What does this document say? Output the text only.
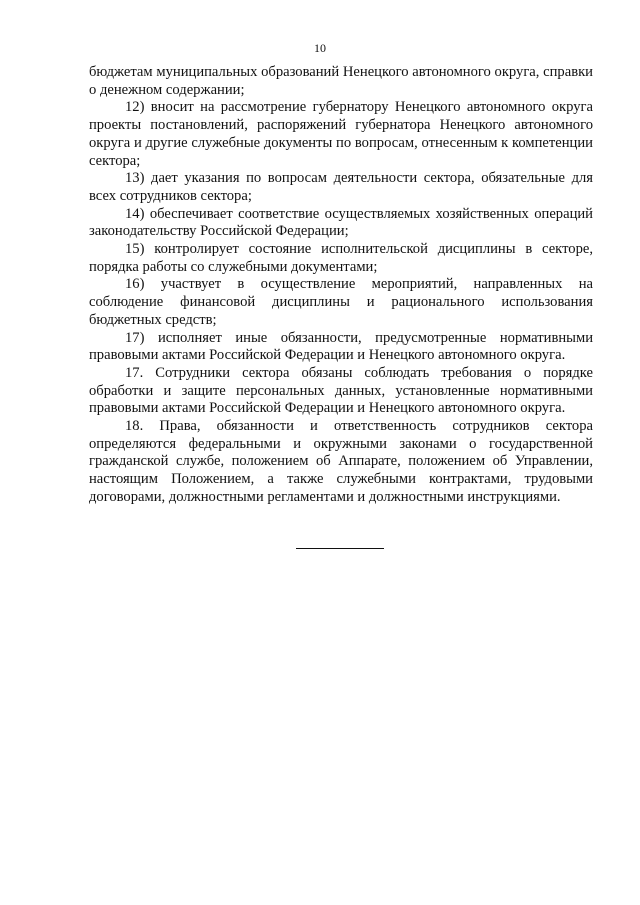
10

бюджетам муниципальных образований Ненецкого автономного округа, справки о денежном содержании;

12) вносит на рассмотрение губернатору Ненецкого автономного округа проекты постановлений, распоряжений губернатора Ненецкого автономного округа и другие служебные документы по вопросам, отнесенным к компетенции сектора;

13) дает указания по вопросам деятельности сектора, обязательные для всех сотрудников сектора;

14) обеспечивает соответствие осуществляемых хозяйственных операций законодательству Российской Федерации;

15) контролирует состояние исполнительской дисциплины в секторе, порядка работы со служебными документами;

16) участвует в осуществление мероприятий, направленных на соблюдение финансовой дисциплины и рационального использования бюджетных средств;

17) исполняет иные обязанности, предусмотренные нормативными правовыми актами Российской Федерации и Ненецкого автономного округа.

17. Сотрудники сектора обязаны соблюдать требования о порядке обработки и защите персональных данных, установленные нормативными правовыми актами Российской Федерации и Ненецкого автономного округа.

18. Права, обязанности и ответственность сотрудников сектора определяются федеральными и окружными законами о государственной гражданской службе, положением об Аппарате, положением об Управлении, настоящим Положением, а также служебными контрактами, трудовыми договорами, должностными регламентами и должностными инструкциями.
